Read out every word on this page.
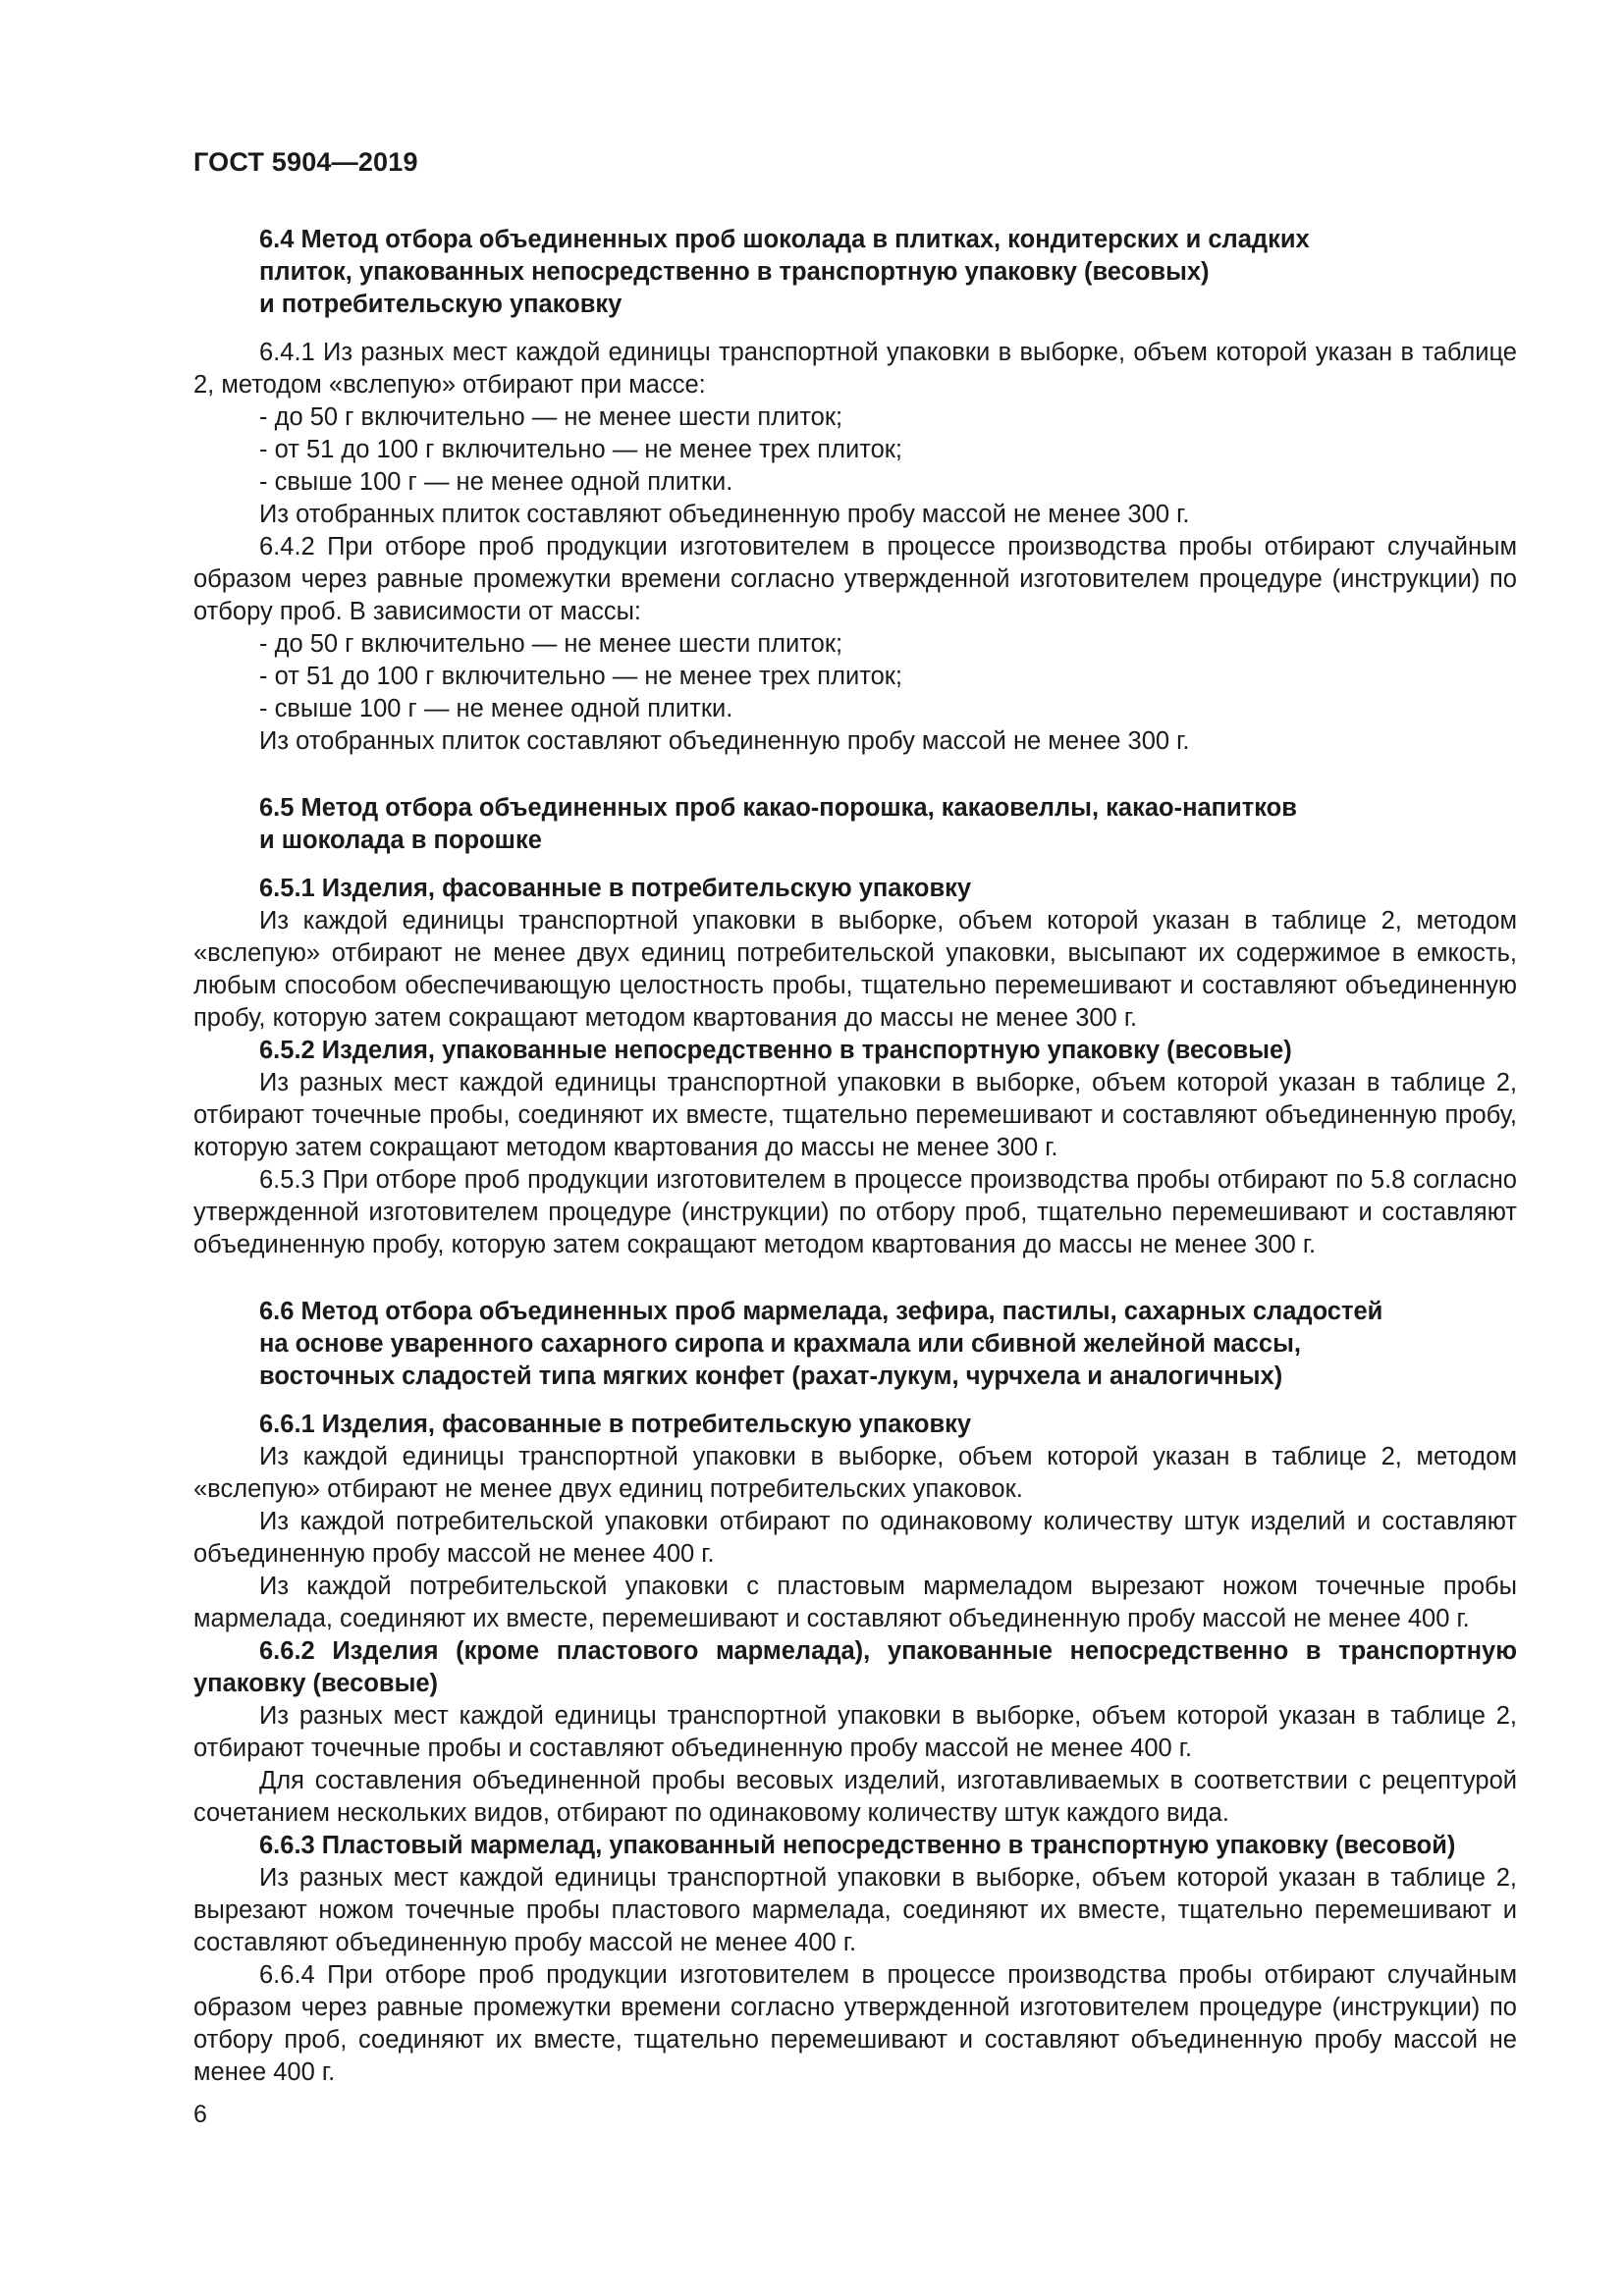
ГОСТ 5904—2019
6.4 Метод отбора объединенных проб шоколада в плитках, кондитерских и сладких
плиток, упакованных непосредственно в транспортную упаковку (весовых)
и потребительскую упаковку

6.4.1 Из разных мест каждой единицы транспортной упаковки в выборке, объем которой указан в таблице 2, методом «вслепую» отбирают при массе:

- до 50 г включительно — не менее шести плиток;

- от 51 до 100 г включительно — не менее трех плиток;

- свыше 100 г — не менее одной плитки.

Из отобранных плиток составляют объединенную пробу массой не менее 300 г.

6.4.2 При отборе проб продукции изготовителем в процессе производства пробы отбирают случайным образом через равные промежутки времени согласно утвержденной изготовителем процедуре (инструкции) по отбору проб. В зависимости от массы:

- до 50 г включительно — не менее шести плиток;

- от 51 до 100 г включительно — не менее трех плиток;

- свыше 100 г — не менее одной плитки.

Из отобранных плиток составляют объединенную пробу массой не менее 300 г.

6.5 Метод отбора объединенных проб какао-порошка, какаовеллы, какао-напитков
и шоколада в порошке

6.5.1 Изделия, фасованные в потребительскую упаковку

Из каждой единицы транспортной упаковки в выборке, объем которой указан в таблице 2, методом «вслепую» отбирают не менее двух единиц потребительской упаковки, высыпают их содержимое в емкость, любым способом обеспечивающую целостность пробы, тщательно перемешивают и составляют объединенную пробу, которую затем сокращают методом квартования до массы не менее 300 г.

6.5.2 Изделия, упакованные непосредственно в транспортную упаковку (весовые)

Из разных мест каждой единицы транспортной упаковки в выборке, объем которой указан в таблице 2, отбирают точечные пробы, соединяют их вместе, тщательно перемешивают и составляют объединенную пробу, которую затем сокращают методом квартования до массы не менее 300 г.

6.5.3 При отборе проб продукции изготовителем в процессе производства пробы отбирают по 5.8 согласно утвержденной изготовителем процедуре (инструкции) по отбору проб, тщательно перемешивают и составляют объединенную пробу, которую затем сокращают методом квартования до массы не менее 300 г.

6.6 Метод отбора объединенных проб мармелада, зефира, пастилы, сахарных сладостей
на основе уваренного сахарного сиропа и крахмала или сбивной желейной массы,
восточных сладостей типа мягких конфет (рахат-лукум, чурчхела и аналогичных)

6.6.1 Изделия, фасованные в потребительскую упаковку

Из каждой единицы транспортной упаковки в выборке, объем которой указан в таблице 2, методом «вслепую» отбирают не менее двух единиц потребительских упаковок.

Из каждой потребительской упаковки отбирают по одинаковому количеству штук изделий и составляют объединенную пробу массой не менее 400 г.

Из каждой потребительской упаковки с пластовым мармеладом вырезают ножом точечные пробы мармелада, соединяют их вместе, перемешивают и составляют объединенную пробу массой не менее 400 г.

6.6.2 Изделия (кроме пластового мармелада), упакованные непосредственно в транспортную упаковку (весовые)

Из разных мест каждой единицы транспортной упаковки в выборке, объем которой указан в таблице 2, отбирают точечные пробы и составляют объединенную пробу массой не менее 400 г.

Для составления объединенной пробы весовых изделий, изготавливаемых в соответствии с рецептурой сочетанием нескольких видов, отбирают по одинаковому количеству штук каждого вида.

6.6.3 Пластовый мармелад, упакованный непосредственно в транспортную упаковку (весовой)

Из разных мест каждой единицы транспортной упаковки в выборке, объем которой указан в таблице 2, вырезают ножом точечные пробы пластового мармелада, соединяют их вместе, тщательно перемешивают и составляют объединенную пробу массой не менее 400 г.

6.6.4 При отборе проб продукции изготовителем в процессе производства пробы отбирают случайным образом через равные промежутки времени согласно утвержденной изготовителем процедуре (инструкции) по отбору проб, соединяют их вместе, тщательно перемешивают и составляют объединенную пробу массой не менее 400 г.

6
